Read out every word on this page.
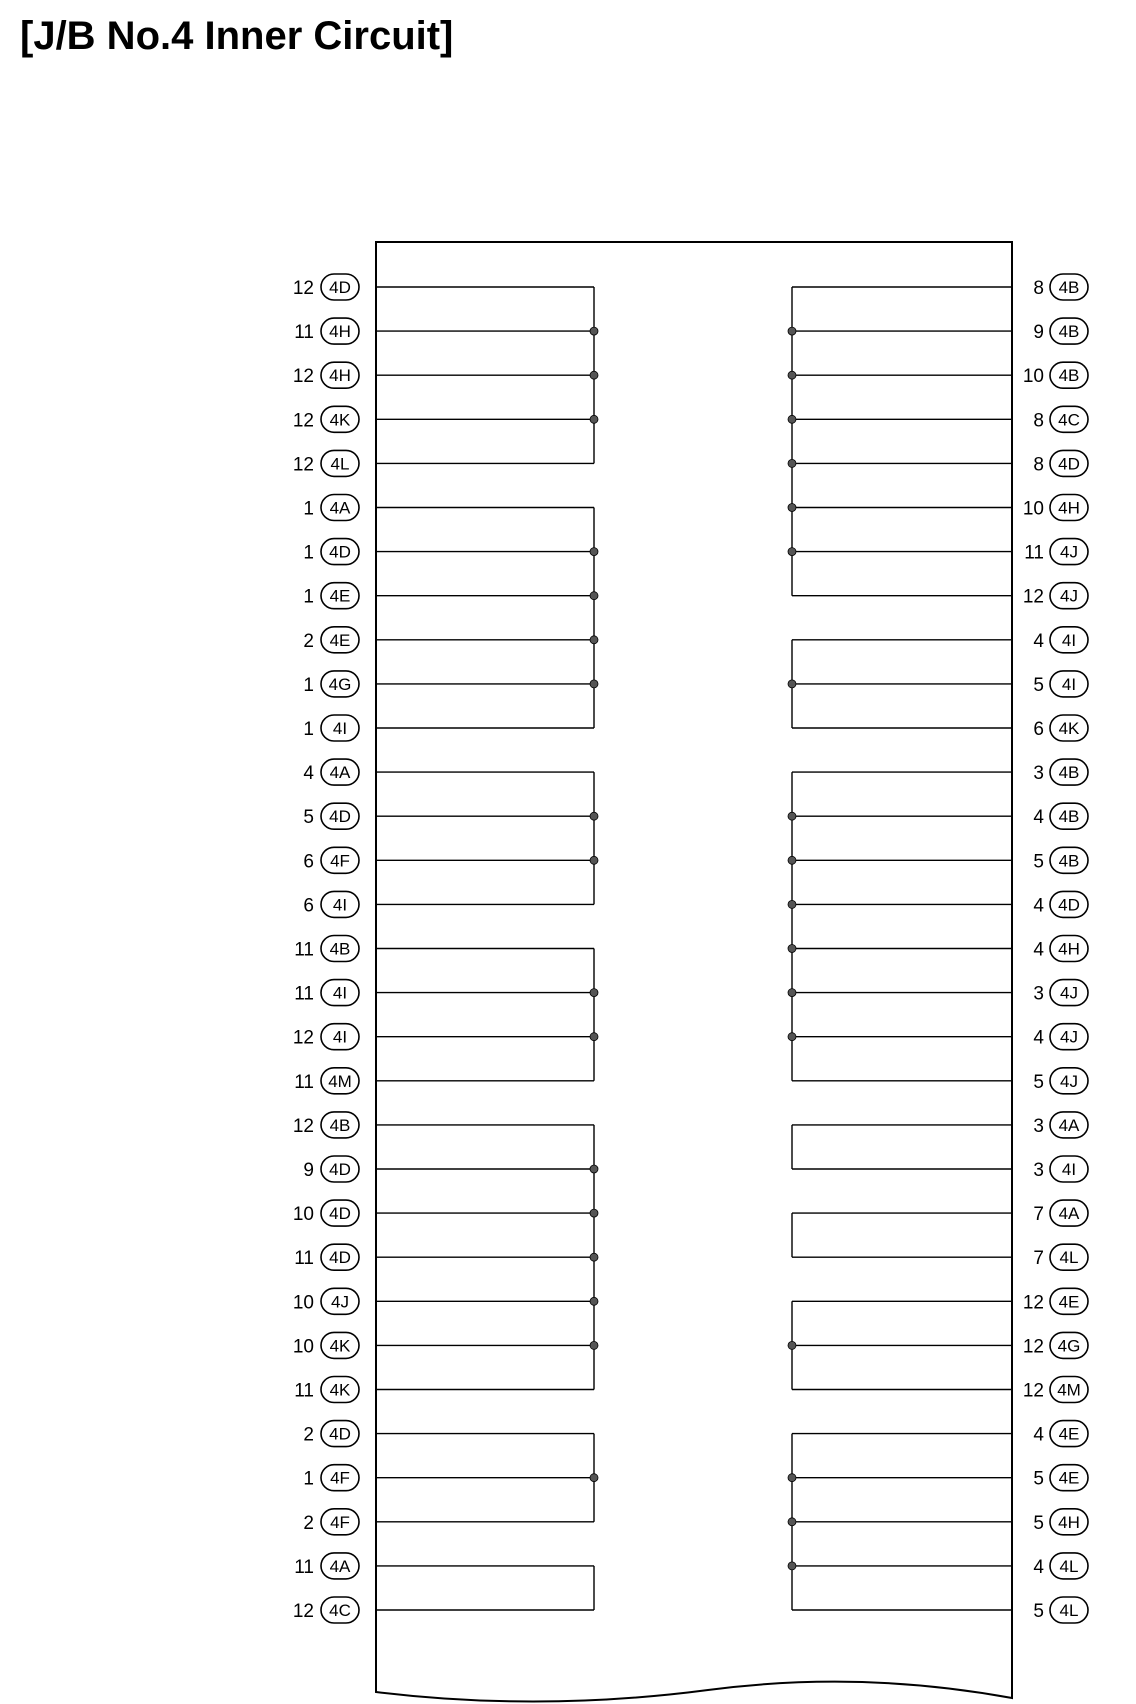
[J/B No.4 Inner Circuit]
12 4D
11 4H
12 4H
12 4K
12 4L
1 4A
1 4D
1 4E
2 4E
1 4G
1 4I
4 4A
5 4D
6 4F
6 4I
11 4B
11 4I
12 4I
11 4M
12 4B
9 4D
10 4D
11 4D
10 4J
10 4K
11 4K
2 4D
1 4F
2 4F
11 4A
12 4C
8 4B
9 4B
10 4B
8 4C
8 4D
10 4H
11 4J
12 4J
4 4I
5 4I
6 4K
3 4B
4 4B
5 4B
4 4D
4 4H
3 4J
4 4J
5 4J
3 4A
3 4I
7 4A
7 4L
12 4E
12 4G
12 4M
4 4E
5 4E
5 4H
4 4L
5 4L
